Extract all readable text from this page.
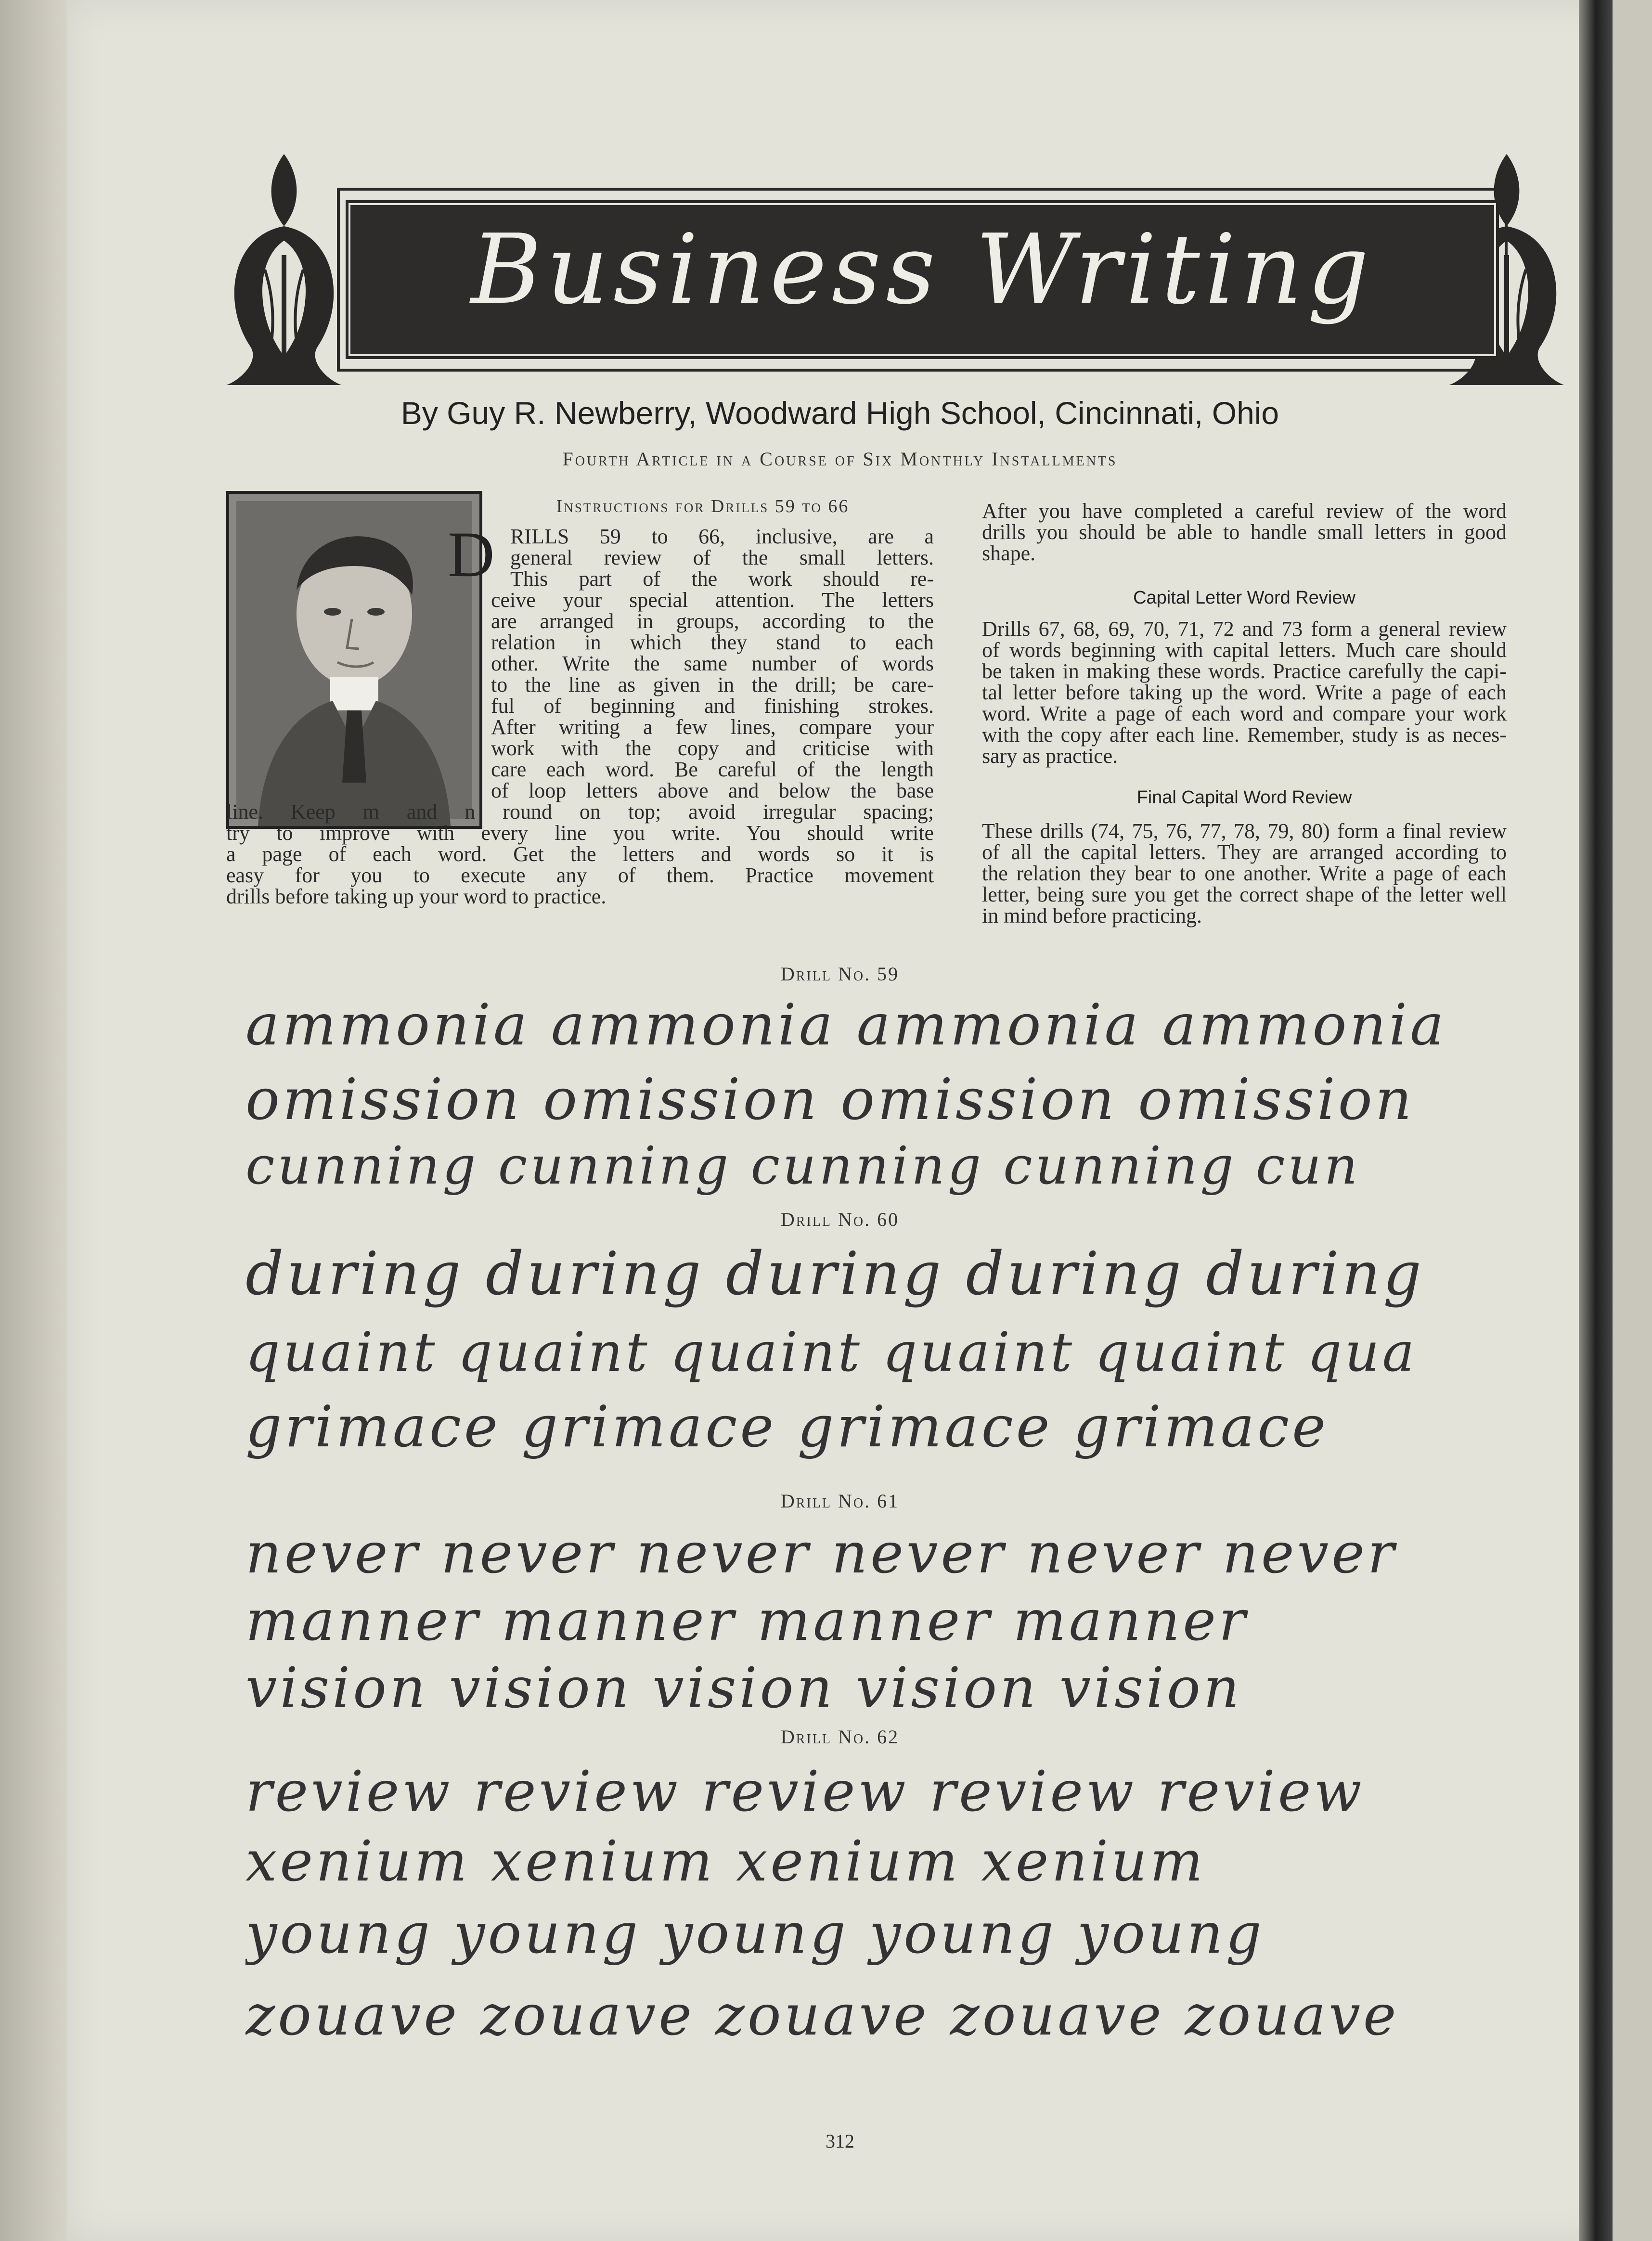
Business Writing
By Guy R. Newberry, Woodward High School, Cincinnati, Ohio
Fourth Article in a Course of Six Monthly Installments
Instructions for Drills 59 to 66
D RILLS 59 to 66, inclusive, are a
general review of the small letters.
This part of the work should re-
ceive your special attention. The letters
are arranged in groups, according to the
relation in which they stand to each
other. Write the same number of words
to the line as given in the drill; be care-
ful of beginning and finishing strokes.
After writing a few lines, compare your
work with the copy and criticise with
care each word. Be careful of the length
of loop letters above and below the base
line. Keep m and n round on top; avoid irregular spacing;
try to improve with every line you write. You should write
a page of each word. Get the letters and words so it is
easy for you to execute any of them. Practice movement
drills before taking up your word to practice.
After you have completed a careful review of the word
drills you should be able to handle small letters in good
shape.
Capital Letter Word Review
Drills 67, 68, 69, 70, 71, 72 and 73 form a general review
of words beginning with capital letters. Much care should
be taken in making these words. Practice carefully the capi-
tal letter before taking up the word. Write a page of each
word. Write a page of each word and compare your work
with the copy after each line. Remember, study is as neces-
sary as practice.
Final Capital Word Review
These drills (74, 75, 76, 77, 78, 79, 80) form a final review
of all the capital letters. They are arranged according to
the relation they bear to one another. Write a page of each
letter, being sure you get the correct shape of the letter well
in mind before practicing.
Drill No. 59
ammonia ammonia ammonia ammonia
omission omission omission omission
cunning cunning cunning cunning cun
Drill No. 60
during during during during during
quaint quaint quaint quaint quaint qua
grimace grimace grimace grimace
Drill No. 61
never never never never never never
manner manner manner manner
vision vision vision vision vision
Drill No. 62
review review review review review
xenium xenium xenium xenium
young young young young young
zouave zouave zouave zouave zouave
312
